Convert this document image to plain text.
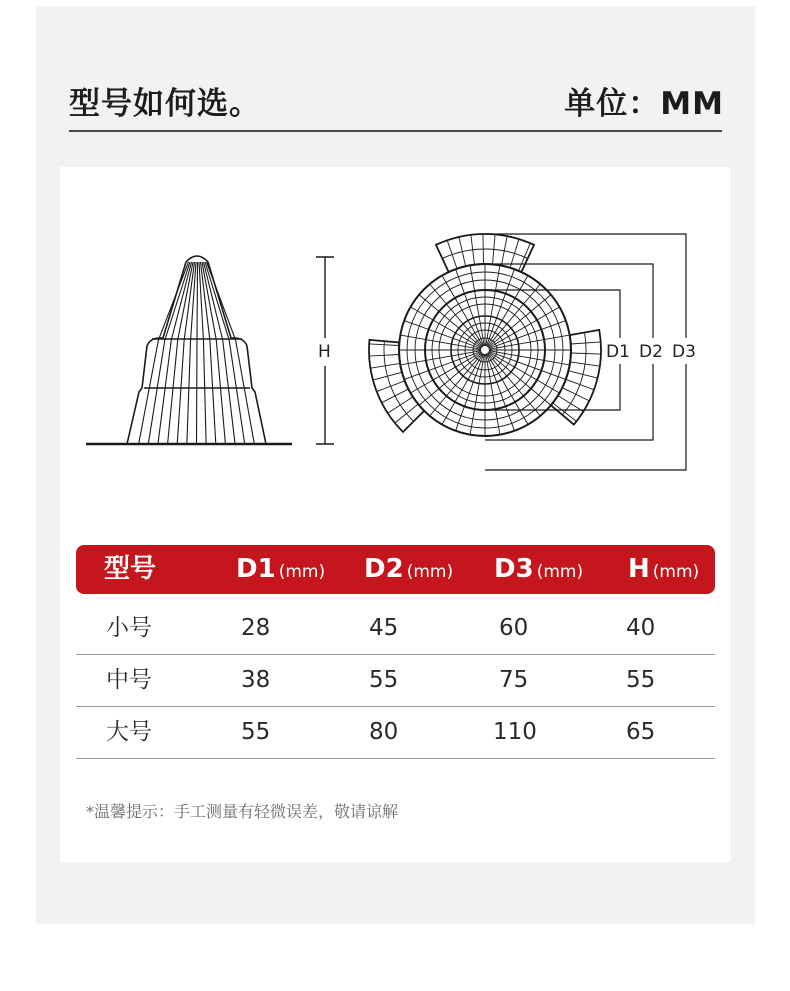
型号如何选。	单位：MM
H	D1 D2 D3
型号	D1 (mm) D2 (mm) D3 (mm) H (mm)
小号	28	45	60	40
中号	38	55	75	55
大号	55	80	110	65
*温馨提示：手工测量有轻微误差，敬请谅解
